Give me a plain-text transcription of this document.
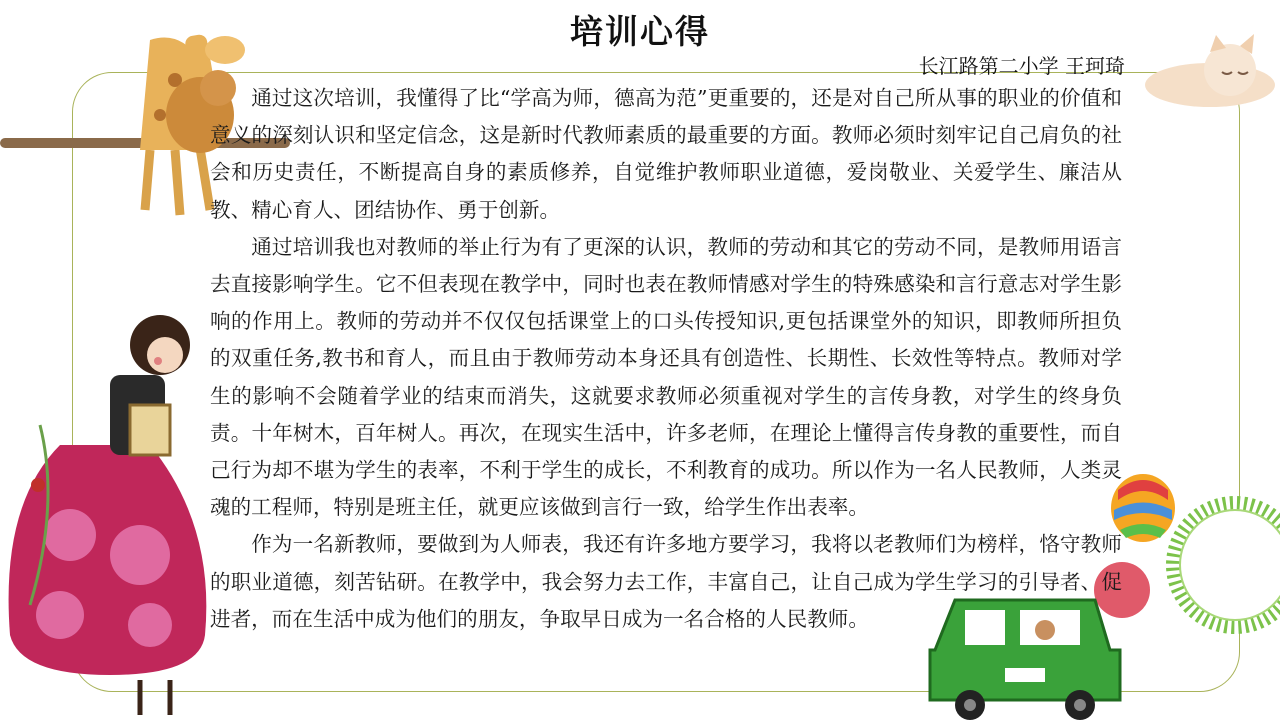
培训心得
长江路第二小学 王珂琦

通过这次培训，我懂得了比“学高为师，德高为范”更重要的，还是对自己所从事的职业的价值和意义的深刻认识和坚定信念，这是新时代教师素质的最重要的方面。教师必须时刻牢记自己肩负的社会和历史责任，不断提高自身的素质修养，自觉维护教师职业道德，爱岗敬业、关爱学生、廉洁从教、精心育人、团结协作、勇于创新。

通过培训我也对教师的举止行为有了更深的认识，教师的劳动和其它的劳动不同，是教师用语言去直接影响学生。它不但表现在教学中，同时也表在教师情感对学生的特殊感染和言行意志对学生影响的作用上。教师的劳动并不仅仅包括课堂上的口头传授知识,更包括课堂外的知识，即教师所担负的双重任务,教书和育人，而且由于教师劳动本身还具有创造性、长期性、长效性等特点。教师对学生的影响不会随着学业的结束而消失，这就要求教师必须重视对学生的言传身教，对学生的终身负责。十年树木，百年树人。再次，在现实生活中，许多老师，在理论上懂得言传身教的重要性，而自己行为却不堪为学生的表率，不利于学生的成长，不利教育的成功。所以作为一名人民教师，人类灵魂的工程师，特别是班主任，就更应该做到言行一致，给学生作出表率。

作为一名新教师，要做到为人师表，我还有许多地方要学习，我将以老教师们为榜样，恪守教师的职业道德，刻苦钻研。在教学中，我会努力去工作，丰富自己，让自己成为学生学习的引导者、促进者，而在生活中成为他们的朋友，争取早日成为一名合格的人民教师。
